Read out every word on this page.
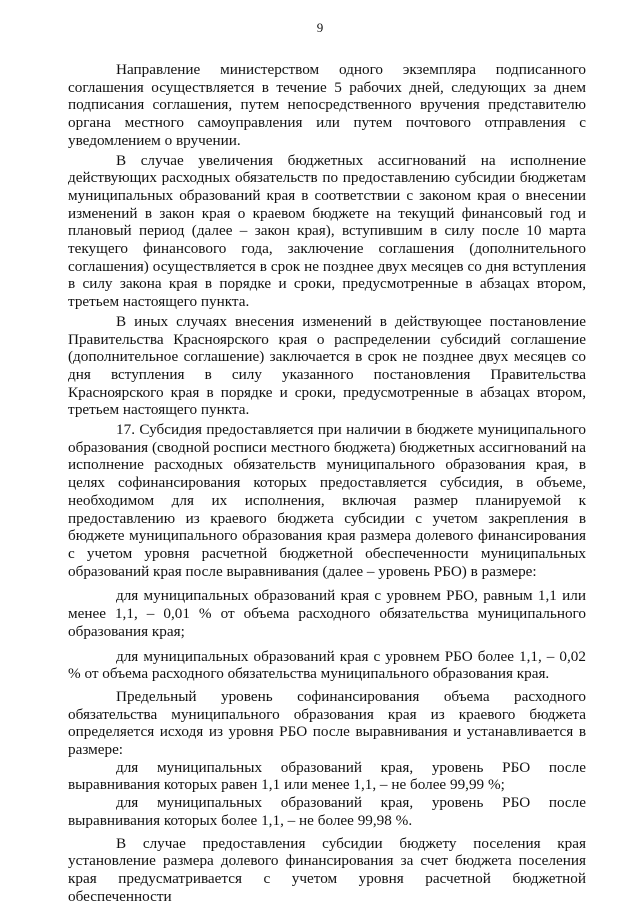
9

Направление министерством одного экземпляра подписанного соглашения осуществляется в течение 5 рабочих дней, следующих за днем подписания соглашения, путем непосредственного вручения представителю органа местного самоуправления или путем почтового отправления с уведомлением о вручении.

В случае увеличения бюджетных ассигнований на исполнение действующих расходных обязательств по предоставлению субсидии бюджетам муниципальных образований края в соответствии с законом края о внесении изменений в закон края о краевом бюджете на текущий финансовый год и плановый период (далее – закон края), вступившим в силу после 10 марта текущего финансового года, заключение соглашения (дополнительного соглашения) осуществляется в срок не позднее двух месяцев со дня вступления в силу закона края в порядке и сроки, предусмотренные в абзацах втором, третьем настоящего пункта.

В иных случаях внесения изменений в действующее постановление Правительства Красноярского края о распределении субсидий соглашение (дополнительное соглашение) заключается в срок не позднее двух месяцев со дня вступления в силу указанного постановления Правительства Красноярского края в порядке и сроки, предусмотренные в абзацах втором, третьем настоящего пункта.

17. Субсидия предоставляется при наличии в бюджете муниципального образования (сводной росписи местного бюджета) бюджетных ассигнований на исполнение расходных обязательств муниципального образования края, в целях софинансирования которых предоставляется субсидия, в объеме, необходимом для их исполнения, включая размер планируемой к предоставлению из краевого бюджета субсидии с учетом закрепления в бюджете муниципального образования края размера долевого финансирования с учетом уровня расчетной бюджетной обеспеченности муниципальных образований края после выравнивания (далее – уровень РБО) в размере:

для муниципальных образований края с уровнем РБО, равным 1,1 или менее 1,1, – 0,01 % от объема расходного обязательства муниципального образования края;

для муниципальных образований края с уровнем РБО более 1,1, – 0,02 % от объема расходного обязательства муниципального образования края.

Предельный уровень софинансирования объема расходного обязательства муниципального образования края из краевого бюджета определяется исходя из уровня РБО после выравнивания и устанавливается в размере:

для муниципальных образований края, уровень РБО после выравнивания которых равен 1,1 или менее 1,1, – не более 99,99 %;

для муниципальных образований края, уровень РБО после выравнивания которых более 1,1, – не более 99,98 %.

В случае предоставления субсидии бюджету поселения края установление размера долевого финансирования за счет бюджета поселения края предусматривается с учетом уровня расчетной бюджетной обеспеченности
